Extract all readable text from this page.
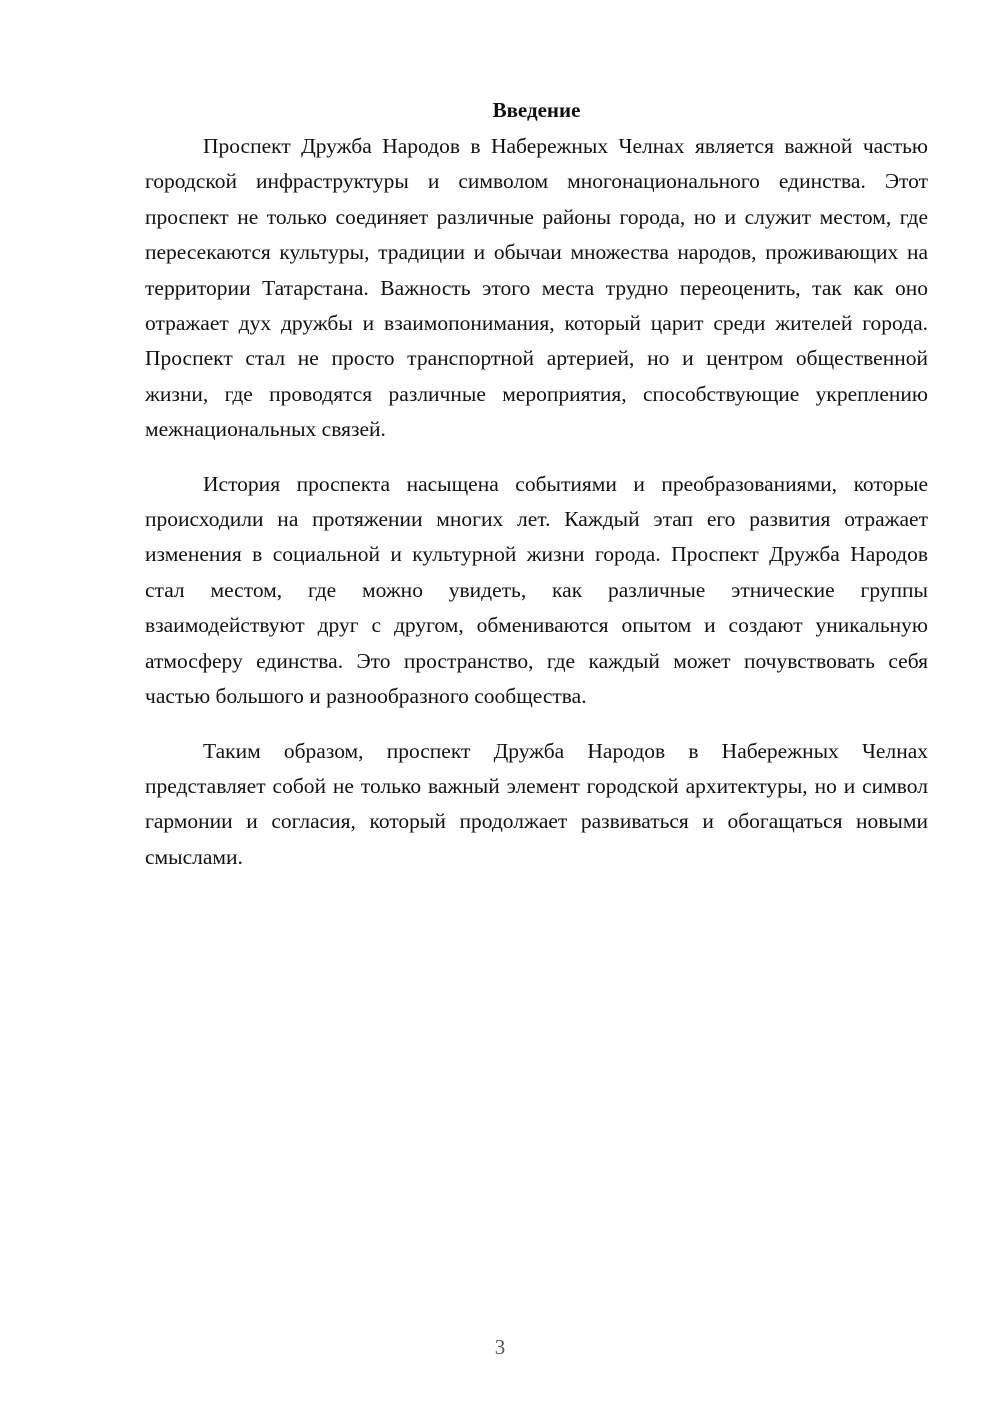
Введение

Проспект Дружба Народов в Набережных Челнах является важной частью городской инфраструктуры и символом многонационального единства. Этот проспект не только соединяет различные районы города, но и служит местом, где пересекаются культуры, традиции и обычаи множества народов, проживающих на территории Татарстана. Важность этого места трудно переоценить, так как оно отражает дух дружбы и взаимопонимания, который царит среди жителей города. Проспект стал не просто транспортной артерией, но и центром общественной жизни, где проводятся различные мероприятия, способствующие укреплению межнациональных связей.

История проспекта насыщена событиями и преобразованиями, которые происходили на протяжении многих лет. Каждый этап его развития отражает изменения в социальной и культурной жизни города. Проспект Дружба Народов стал местом, где можно увидеть, как различные этнические группы взаимодействуют друг с другом, обмениваются опытом и создают уникальную атмосферу единства. Это пространство, где каждый может почувствовать себя частью большого и разнообразного сообщества.

Таким образом, проспект Дружба Народов в Набережных Челнах представляет собой не только важный элемент городской архитектуры, но и символ гармонии и согласия, который продолжает развиваться и обогащаться новыми смыслами.

3
